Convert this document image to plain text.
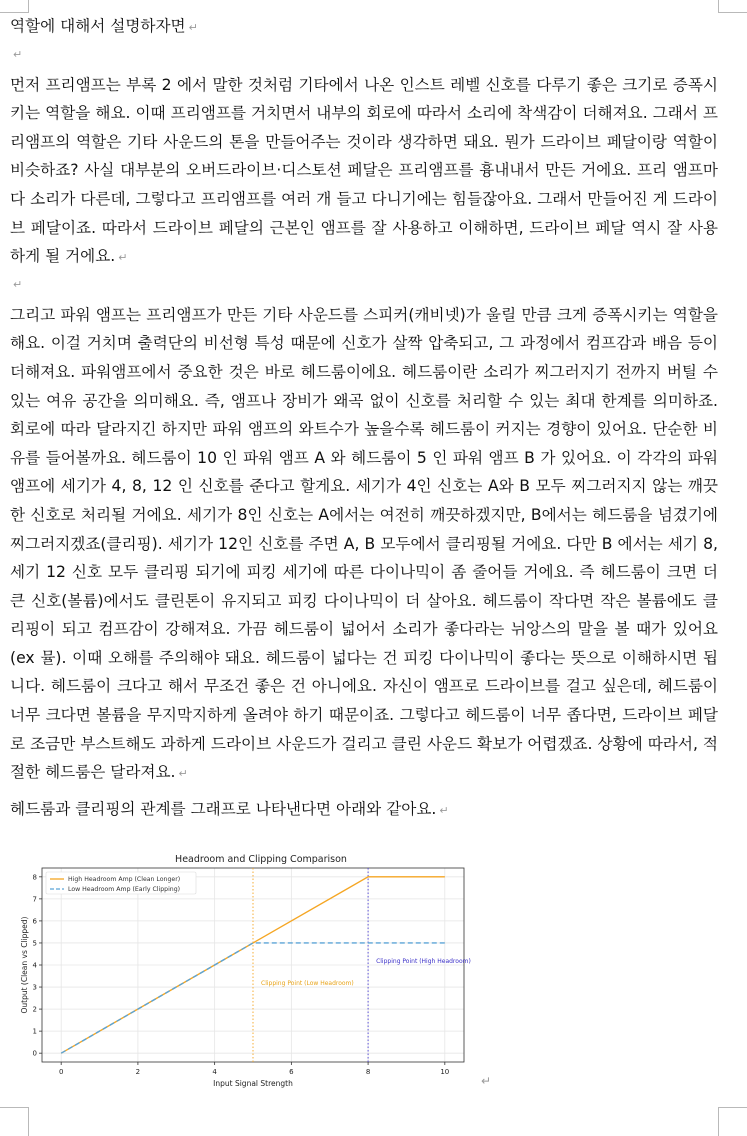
역할에 대해서 설명하자면 ↵
↵
먼저 프리앰프는 부록 2 에서 말한 것처럼 기타에서 나온 인스트 레벨 신호를 다루기 좋은 크기로 증폭시키는 역할을 해요. 이때 프리앰프를 거치면서 내부의 회로에 따라서 소리에 착색감이 더해져요. 그래서 프리앰프의 역할은 기타 사운드의 톤을 만들어주는 것이라 생각하면 돼요. 뭔가 드라이브 페달이랑 역할이 비슷하죠? 사실 대부분의 오버드라이브·디스토션 페달은 프리앰프를 흉내내서 만든 거에요. 프리 앰프마다 소리가 다른데, 그렇다고 프리앰프를 여러 개 들고 다니기에는 힘들잖아요. 그래서 만들어진 게 드라이브 페달이죠. 따라서 드라이브 페달의 근본인 앰프를 잘 사용하고 이해하면, 드라이브 페달 역시 잘 사용하게 될 거에요. ↵
↵
그리고 파워 앰프는 프리앰프가 만든 기타 사운드를 스피커(캐비넷)가 울릴 만큼 크게 증폭시키는 역할을 해요. 이걸 거치며 출력단의 비선형 특성 때문에 신호가 살짝 압축되고, 그 과정에서 컴프감과 배음 등이 더해져요. 파워앰프에서 중요한 것은 바로 헤드룸이에요. 헤드룸이란 소리가 찌그러지기 전까지 버틸 수 있는 여유 공간을 의미해요. 즉, 앰프나 장비가 왜곡 없이 신호를 처리할 수 있는 최대 한계를 의미하죠. 회로에 따라 달라지긴 하지만 파워 앰프의 와트수가 높을수록 헤드룸이 커지는 경향이 있어요. 단순한 비유를 들어볼까요. 헤드룸이 10 인 파워 앰프 A 와 헤드룸이 5 인 파워 앰프 B 가 있어요. 이 각각의 파워 앰프에 세기가 4, 8, 12 인 신호를 준다고 할게요. 세기가 4인 신호는 A와 B 모두 찌그러지지 않는 깨끗한 신호로 처리될 거에요. 세기가 8인 신호는 A에서는 여전히 깨끗하겠지만, B에서는 헤드룸을 넘겼기에 찌그러지겠죠(클리핑). 세기가 12인 신호를 주면 A, B 모두에서 클리핑될 거에요. 다만 B 에서는 세기 8, 세기 12 신호 모두 클리핑 되기에 피킹 세기에 따른 다이나믹이 좀 줄어들 거에요. 즉 헤드룸이 크면 더 큰 신호(볼륨)에서도 클린톤이 유지되고 피킹 다이나믹이 더 살아요. 헤드룸이 작다면 작은 볼륨에도 클리핑이 되고 컴프감이 강해져요. 가끔 헤드룸이 넓어서 소리가 좋다라는 뉘앙스의 말을 볼 때가 있어요(ex 뮬). 이때 오해를 주의해야 돼요. 헤드룸이 넓다는 건 피킹 다이나믹이 좋다는 뜻으로 이해하시면 됩니다. 헤드룸이 크다고 해서 무조건 좋은 건 아니에요. 자신이 앰프로 드라이브를 걸고 싶은데, 헤드룸이 너무 크다면 볼륨을 무지막지하게 올려야 하기 때문이죠. 그렇다고 헤드룸이 너무 좁다면, 드라이브 페달로 조금만 부스트해도 과하게 드라이브 사운드가 걸리고 클린 사운드 확보가 어렵겠죠. 상황에 따라서, 적절한 헤드룸은 달라져요. ↵
헤드룸과 클리핑의 관계를 그래프로 나타낸다면 아래와 같아요. ↵
0	2	4	6	8	10
0
1
2
3
4
5
6
7
8
Headroom and Clipping Comparison
Input Signal Strength
Output (Clean vs Clipped)	Clipping Point (Low Headroom)
Clipping Point (High Headroom)
High Headroom Amp (Clean Longer)
Low Headroom Amp (Early Clipping)
↵
